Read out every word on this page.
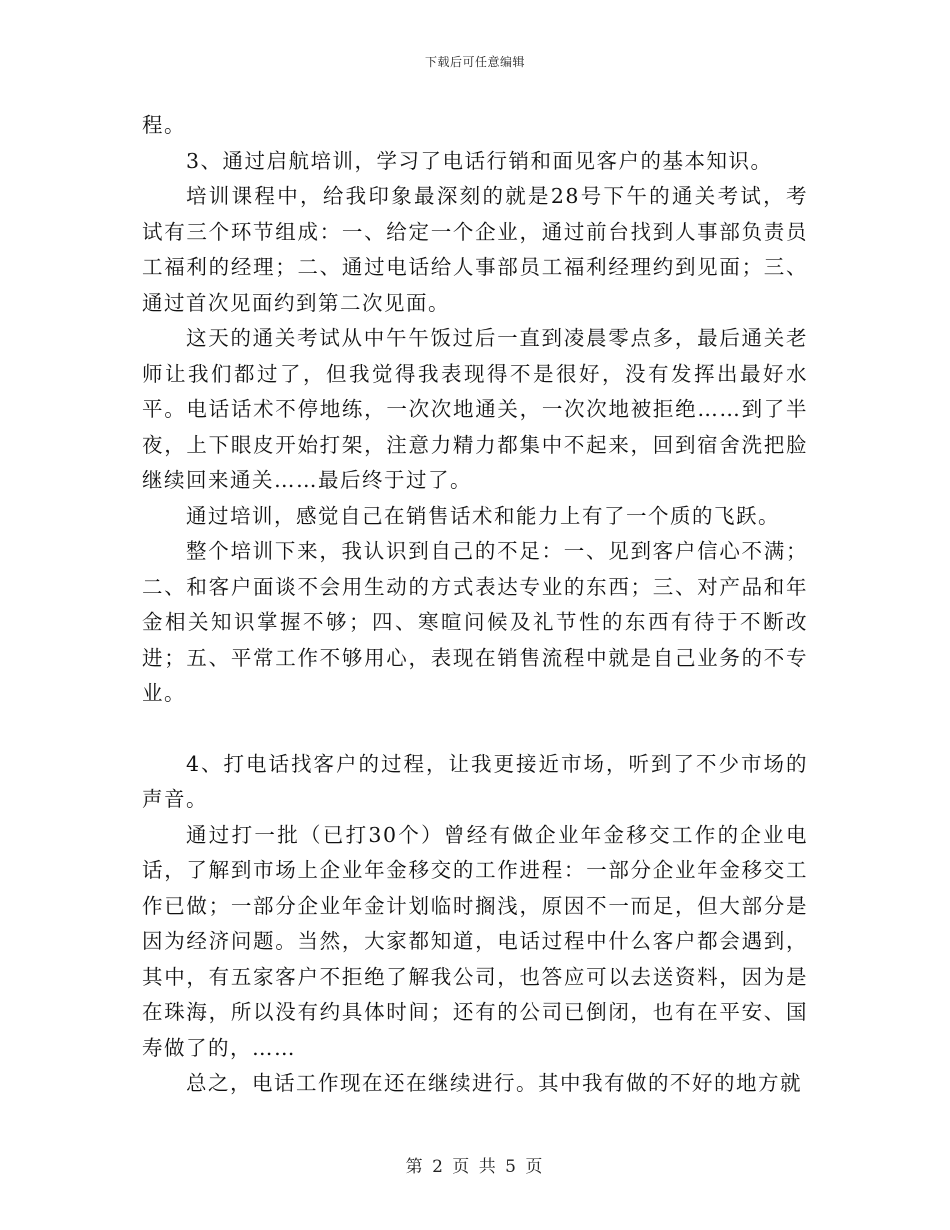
下载后可任意编辑

程。

3、通过启航培训，学习了电话行销和面见客户的基本知识。

培训课程中，给我印象最深刻的就是28号下午的通关考试，考试有三个环节组成：一、给定一个企业，通过前台找到人事部负责员工福利的经理；二、通过电话给人事部员工福利经理约到见面；三、通过首次见面约到第二次见面。

这天的通关考试从中午午饭过后一直到凌晨零点多，最后通关老师让我们都过了，但我觉得我表现得不是很好，没有发挥出最好水平。电话话术不停地练，一次次地通关，一次次地被拒绝……到了半夜，上下眼皮开始打架，注意力精力都集中不起来，回到宿舍洗把脸继续回来通关……最后终于过了。

通过培训，感觉自己在销售话术和能力上有了一个质的飞跃。

整个培训下来，我认识到自己的不足：一、见到客户信心不满；二、和客户面谈不会用生动的方式表达专业的东西；三、对产品和年金相关知识掌握不够；四、寒暄问候及礼节性的东西有待于不断改进；五、平常工作不够用心，表现在销售流程中就是自己业务的不专业。

4、打电话找客户的过程，让我更接近市场，听到了不少市场的声音。

通过打一批（已打30个）曾经有做企业年金移交工作的企业电话，了解到市场上企业年金移交的工作进程：一部分企业年金移交工作已做；一部分企业年金计划临时搁浅，原因不一而足，但大部分是因为经济问题。当然，大家都知道，电话过程中什么客户都会遇到，其中，有五家客户不拒绝了解我公司，也答应可以去送资料，因为是在珠海，所以没有约具体时间；还有的公司已倒闭，也有在平安、国寿做了的，……

总之，电话工作现在还在继续进行。其中我有做的不好的地方就

第 2 页 共 5 页
